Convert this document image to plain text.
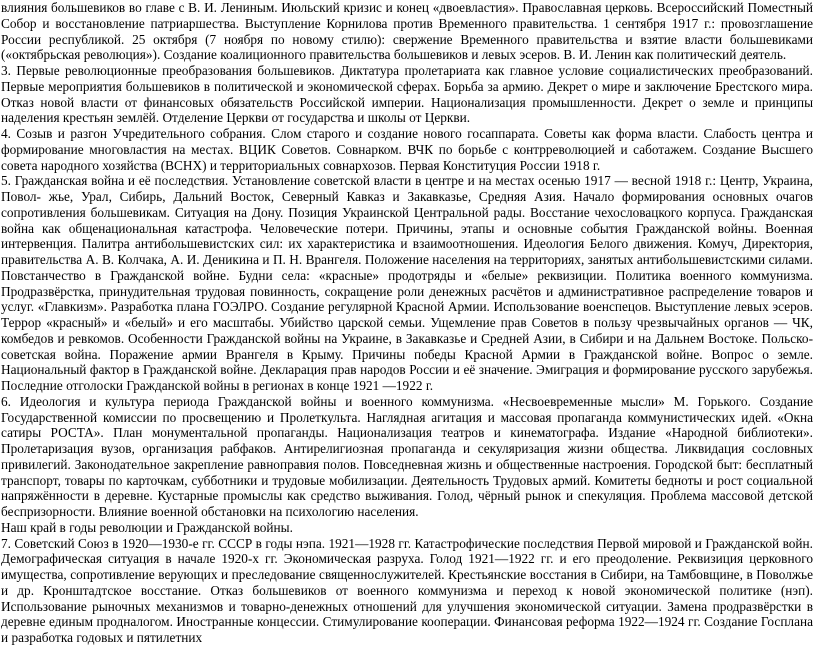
влияния большевиков во главе с В. И. Лениным. Июльский кризис и конец «двоевластия». Православная церковь. Всероссийский Поместный Собор и восстановление патриаршества. Выступление Корнилова против Временного правительства. 1 сентября 1917 г.: провозглашение России республикой. 25 октября (7 ноября по новому стилю): свержение Временного правительства и взятие власти большевиками («октябрьская революция»). Создание коалиционного правительства большевиков и левых эсеров. В. И. Ленин как политический деятель.

3. Первые революционные преобразования большевиков. Диктатура пролетариата как главное условие социалистических преобразований. Первые мероприятия большевиков в политической и экономической сферах. Борьба за армию. Декрет о мире и заключение Брестского мира. Отказ новой власти от финансовых обязательств Российской империи. Национализация промышленности. Декрет о земле и принципы наделения крестьян землёй. Отделение Церкви от государства и школы от Церкви.

4. Созыв и разгон Учредительного собрания. Слом старого и создание нового госаппарата. Советы как форма власти. Слабость центра и формирование многовластия на местах. ВЦИК Советов. Совнарком. ВЧК по борьбе с контрреволюцией и саботажем. Создание Высшего совета народного хозяйства (ВСНХ) и территориальных совнархозов. Первая Конституция России 1918 г.

5. Гражданская война и её последствия. Установление советской власти в центре и на местах осенью 1917 — весной 1918 г.: Центр, Украина, Повол- жье, Урал, Сибирь, Дальний Восток, Северный Кавказ и Закавказье, Средняя Азия. Начало формирования основных очагов сопротивления большевикам. Ситуация на Дону. Позиция Украинской Центральной рады. Восстание чехословацкого корпуса. Гражданская война как общенациональная катастрофа. Человеческие потери. Причины, этапы и основные события Гражданской войны. Военная интервенция. Палитра антибольшевистских сил: их характеристика и взаимоотношения. Идеология Белого движения. Комуч, Директория, правительства А. В. Колчака, А. И. Деникина и П. Н. Врангеля. Положение населения на территориях, занятых антибольшевистскими силами. Повстанчество в Гражданской войне. Будни села: «красные» продотряды и «белые» реквизиции. Политика военного коммунизма. Продразвёрстка, принудительная трудовая повинность, сокращение роли денежных расчётов и административное распределение товаров и услуг. «Главкизм». Разработка плана ГОЭЛРО. Создание регулярной Красной Армии. Использование военспецов. Выступление левых эсеров. Террор «красный» и «белый» и его масштабы. Убийство царской семьи. Ущемление прав Советов в пользу чрезвычайных органов — ЧК, комбедов и ревкомов. Особенности Гражданской войны на Украине, в Закавказье и Средней Азии, в Сибири и на Дальнем Востоке. Польско-советская война. Поражение армии Врангеля в Крыму. Причины победы Красной Армии в Гражданской войне. Вопрос о земле. Национальный фактор в Гражданской войне. Декларация прав народов России и её значение. Эмиграция и формирование русского зарубежья. Последние отголоски Гражданской войны в регионах в конце 1921 —1922 г.

6. Идеология и культура периода Гражданской войны и военного коммунизма. «Несвоевременные мысли» М. Горького. Создание Государственной комиссии по просвещению и Пролеткульта. Наглядная агитация и массовая пропаганда коммунистических идей. «Окна сатиры РОСТА». План монументальной пропаганды. Национализация театров и кинематографа. Издание «Народной библиотеки». Пролетаризация вузов, организация рабфаков. Антирелигиозная пропаганда и секуляризация жизни общества. Ликвидация сословных привилегий. Законодательное закрепление равноправия полов. Повседневная жизнь и общественные настроения. Городской быт: бесплатный транспорт, товары по карточкам, субботники и трудовые мобилизации. Деятельность Трудовых армий. Комитеты бедноты и рост социальной напряжённости в деревне. Кустарные промыслы как средство выживания. Голод, чёрный рынок и спекуляция. Проблема массовой детской беспризорности. Влияние военной обстановки на психологию населения.

Наш край в годы революции и Гражданской войны.

7. Советский Союз в 1920—1930-е гг. СССР в годы нэпа. 1921—1928 гг. Катастрофические последствия Первой мировой и Гражданской войн. Демографическая ситуация в начале 1920-х гг. Экономическая разруха. Голод 1921—1922 гг. и его преодоление. Реквизиция церковного имущества, сопротивление верующих и преследование священнослужителей. Крестьянские восстания в Сибири, на Тамбовщине, в Поволжье и др. Кронштадтское восстание. Отказ большевиков от военного коммунизма и переход к новой экономической политике (нэп). Использование рыночных механизмов и товарно-денежных отношений для улучшения экономической ситуации. Замена продразвёрстки в деревне единым продналогом. Иностранные концессии. Стимулирование кооперации. Финансовая реформа 1922—1924 гг. Создание Госплана и разработка годовых и пятилетних
